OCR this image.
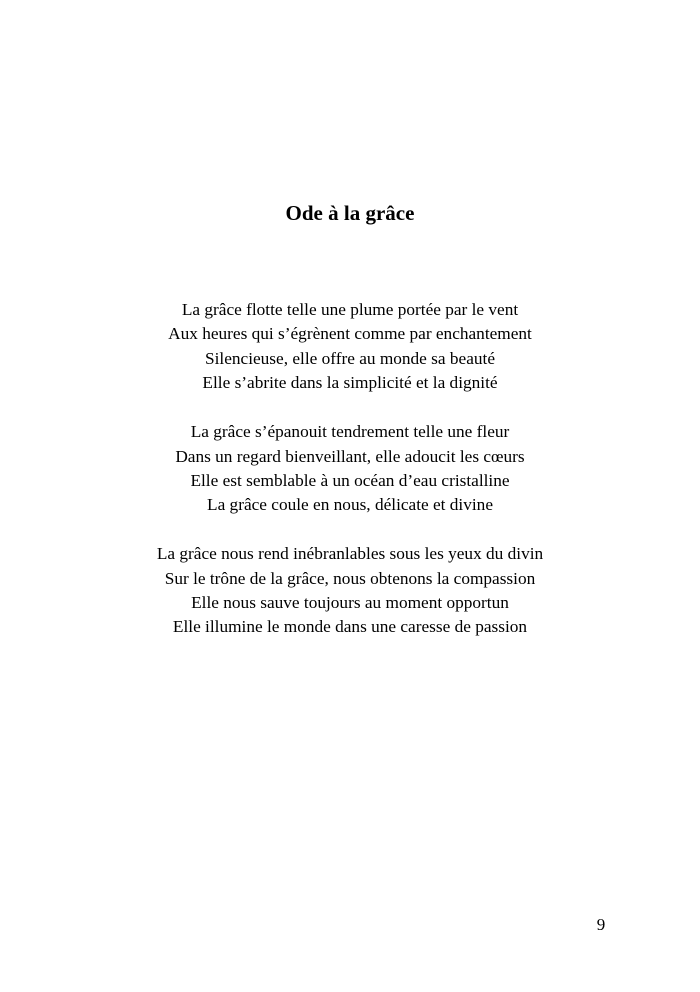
Ode à la grâce
La grâce flotte telle une plume portée par le vent
Aux heures qui s’égrènent comme par enchantement
Silencieuse, elle offre au monde sa beauté
Elle s’abrite dans la simplicité et la dignité
La grâce s’épanouit tendrement telle une fleur
Dans un regard bienveillant, elle adoucit les cœurs
Elle est semblable à un océan d’eau cristalline
La grâce coule en nous, délicate et divine
La grâce nous rend inébranlables sous les yeux du divin
Sur le trône de la grâce, nous obtenons la compassion
Elle nous sauve toujours au moment opportun
Elle illumine le monde dans une caresse de passion
9
